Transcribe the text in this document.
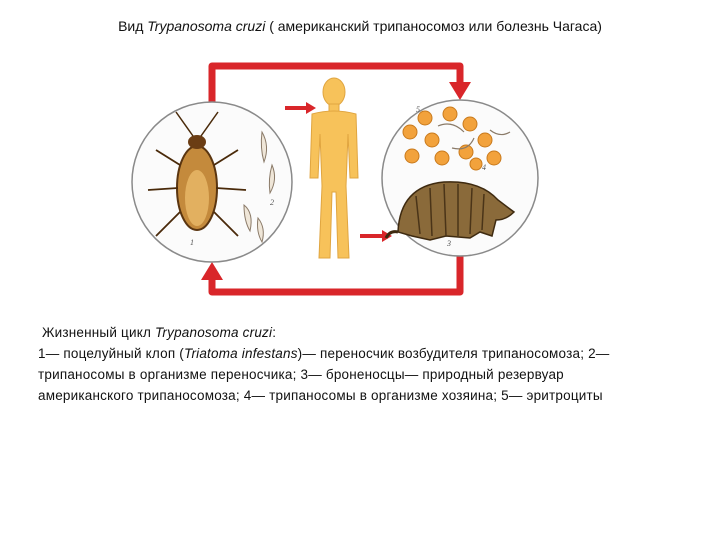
Вид Trypanosoma cruzi ( американский трипаносомоз или болезнь Чагаса)
1
2
3
4
5
Жизненный цикл Trypanosoma cruzi:
1— поцелуйный клоп (Triatoma infestans)— переносчик возбудителя трипаносомоза; 2— трипаносомы в организме переносчика; 3— броненосцы— природный резервуар американского трипаносомоза; 4— трипаносомы в организме хозяина; 5— эритроциты
